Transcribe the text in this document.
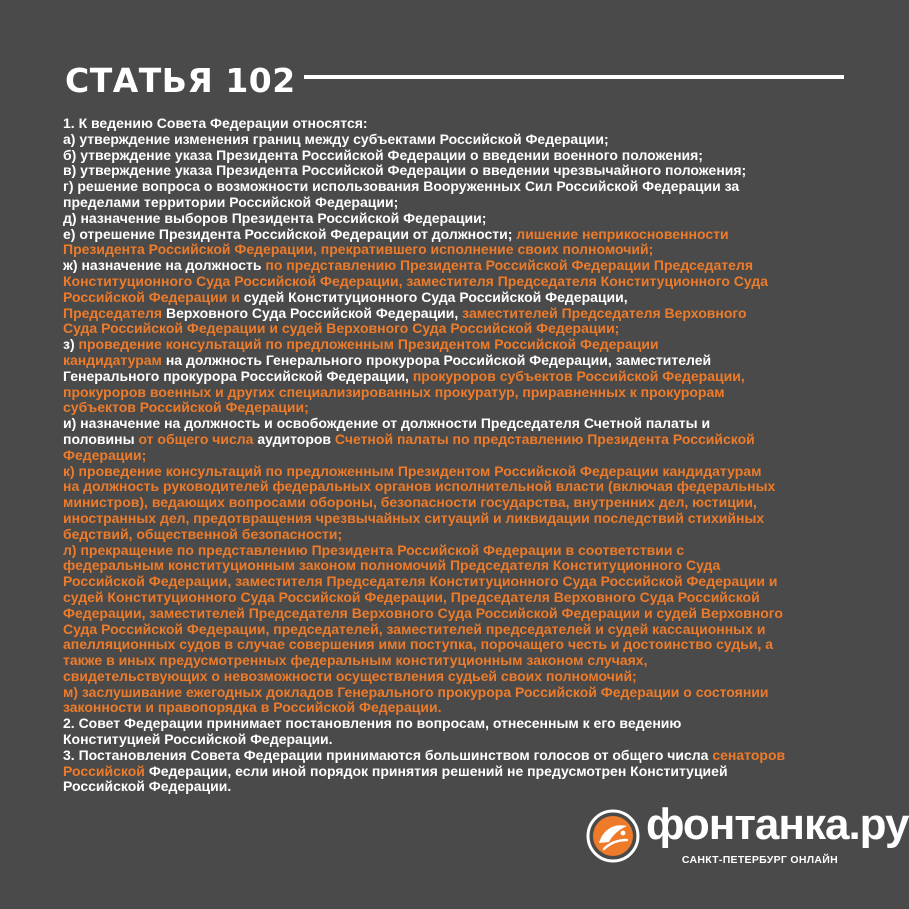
СТАТЬЯ 102
1. К ведению Совета Федерации относятся:
а) утверждение изменения границ между субъектами Российской Федерации;
б) утверждение указа Президента Российской Федерации о введении военного положения;
в) утверждение указа Президента Российской Федерации о введении чрезвычайного положения;
г) решение вопроса о возможности использования Вооруженных Сил Российской Федерации за
пределами территории Российской Федерации;
д) назначение выборов Президента Российской Федерации;
е) отрешение Президента Российской Федерации от должности; лишение неприкосновенности
Президента Российской Федерации, прекратившего исполнение своих полномочий;
ж) назначение на должность по представлению Президента Российской Федерации Председателя
Конституционного Суда Российской Федерации, заместителя Председателя Конституционного Суда
Российской Федерации и судей Конституционного Суда Российской Федерации,
Председателя Верховного Суда Российской Федерации, заместителей Председателя Верховного
Суда Российской Федерации и судей Верховного Суда Российской Федерации;
з) проведение консультаций по предложенным Президентом Российской Федерации
кандидатурам на должность Генерального прокурора Российской Федерации, заместителей
Генерального прокурора Российской Федерации, прокуроров субъектов Российской Федерации,
прокуроров военных и других специализированных прокуратур, приравненных к прокурорам
субъектов Российской Федерации;
и) назначение на должность и освобождение от должности Председателя Счетной палаты и
половины от общего числа аудиторов Счетной палаты по представлению Президента Российской
Федерации;
к) проведение консультаций по предложенным Президентом Российской Федерации кандидатурам
на должность руководителей федеральных органов исполнительной власти (включая федеральных
министров), ведающих вопросами обороны, безопасности государства, внутренних дел, юстиции,
иностранных дел, предотвращения чрезвычайных ситуаций и ликвидации последствий стихийных
бедствий, общественной безопасности;
л) прекращение по представлению Президента Российской Федерации в соответствии с
федеральным конституционным законом полномочий Председателя Конституционного Суда
Российской Федерации, заместителя Председателя Конституционного Суда Российской Федерации и
судей Конституционного Суда Российской Федерации, Председателя Верховного Суда Российской
Федерации, заместителей Председателя Верховного Суда Российской Федерации и судей Верховного
Суда Российской Федерации, председателей, заместителей председателей и судей кассационных и
апелляционных судов в случае совершения ими поступка, порочащего честь и достоинство судьи, а
также в иных предусмотренных федеральным конституционным законом случаях,
свидетельствующих о невозможности осуществления судьей своих полномочий;
м) заслушивание ежегодных докладов Генерального прокурора Российской Федерации о состоянии
законности и правопорядка в Российской Федерации.
2. Совет Федерации принимает постановления по вопросам, отнесенным к его ведению
Конституцией Российской Федерации.
3. Постановления Совета Федерации принимаются большинством голосов от общего числа сенаторов
Российской Федерации, если иной порядок принятия решений не предусмотрен Конституцией
Российской Федерации.
фонтанка.ру
САНКТ-ПЕТЕРБУРГ ОНЛАЙН
